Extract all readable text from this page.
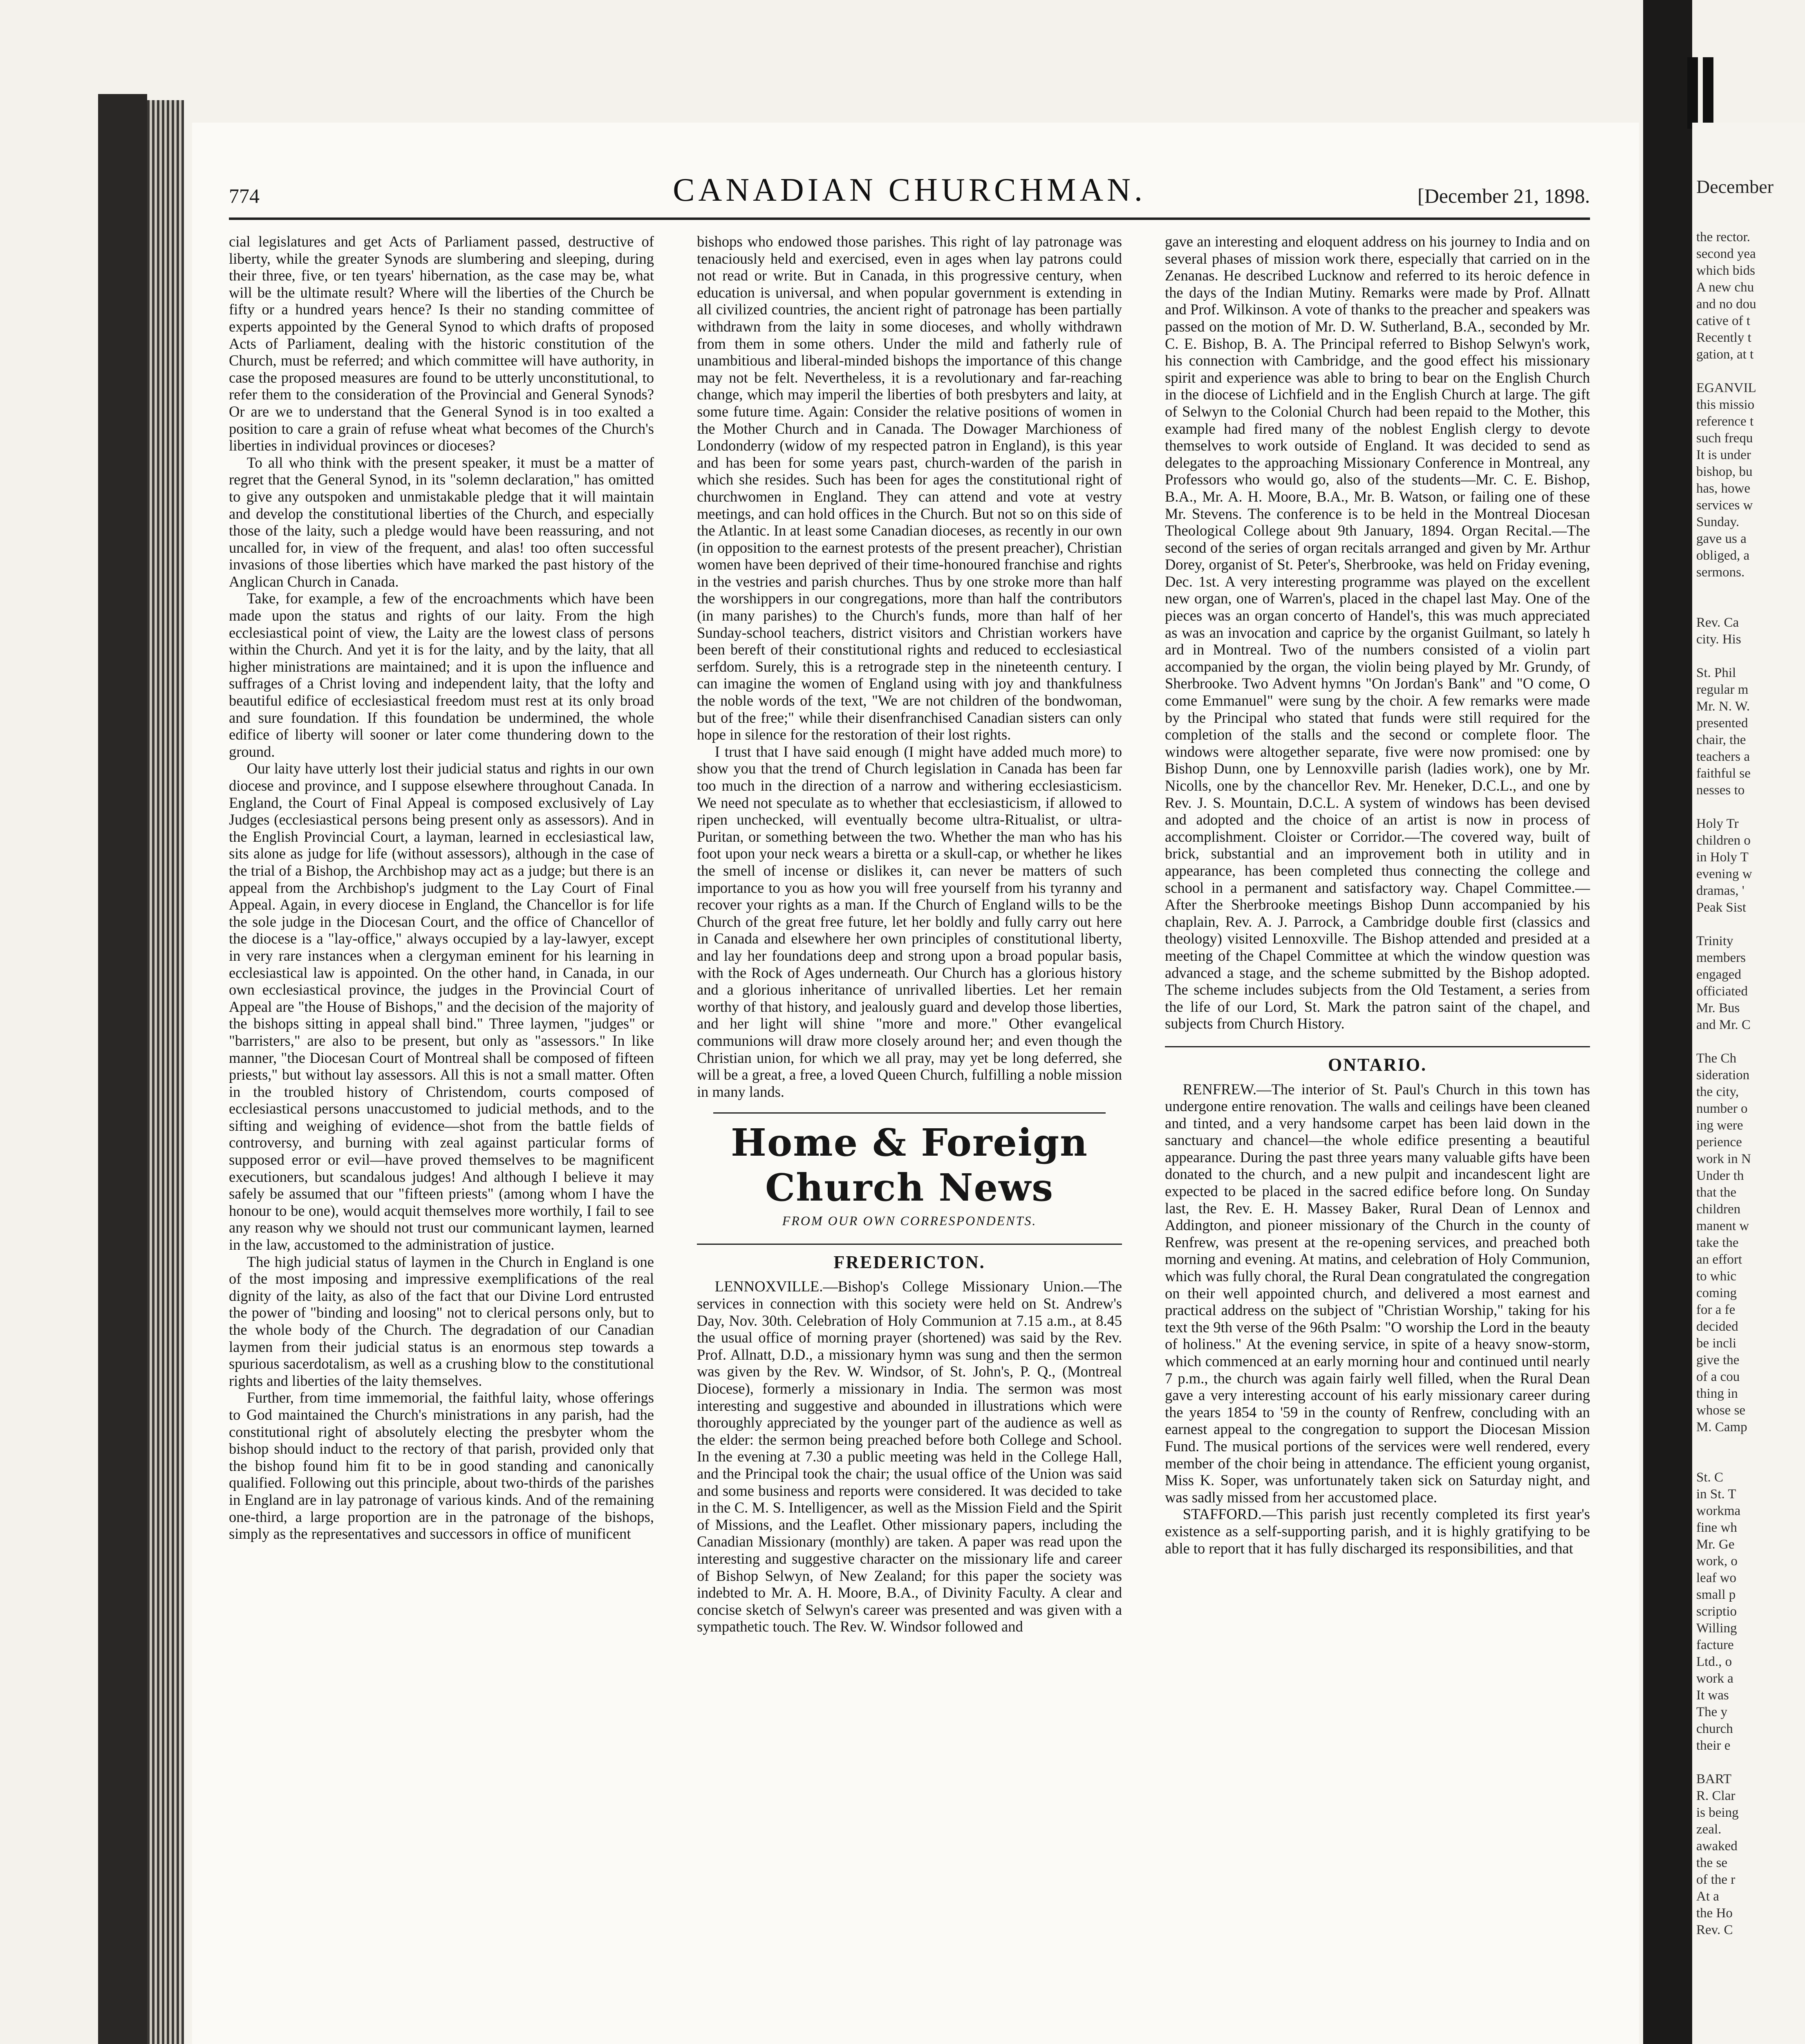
774	CANADIAN CHURCHMAN.	[December 21, 1898.

cial legislatures and get Acts of Parliament passed, destructive of liberty, while the greater Synods are slumbering and sleeping, during their three, five, or ten tyears' hibernation, as the case may be, what will be the ultimate result? Where will the liberties of the Church be fifty or a hundred years hence? Is their no standing committee of experts appointed by the General Synod to which drafts of proposed Acts of Parliament, dealing with the historic constitution of the Church, must be referred; and which committee will have authority, in case the proposed measures are found to be utterly unconstitutional, to refer them to the consideration of the Provincial and General Synods? Or are we to understand that the General Synod is in too exalted a position to care a grain of refuse wheat what becomes of the Church's liberties in individual provinces or dioceses?

To all who think with the present speaker, it must be a matter of regret that the General Synod, in its "solemn declaration," has omitted to give any outspoken and unmistakable pledge that it will maintain and develop the constitutional liberties of the Church, and especially those of the laity, such a pledge would have been reassuring, and not uncalled for, in view of the frequent, and alas! too often successful invasions of those liberties which have marked the past history of the Anglican Church in Canada.

Take, for example, a few of the encroachments which have been made upon the status and rights of our laity. From the high ecclesiastical point of view, the Laity are the lowest class of persons within the Church. And yet it is for the laity, and by the laity, that all higher ministrations are maintained; and it is upon the influence and suffrages of a Christ loving and independent laity, that the lofty and beautiful edifice of ecclesiastical freedom must rest at its only broad and sure foundation. If this foundation be undermined, the whole edifice of liberty will sooner or later come thundering down to the ground.

Our laity have utterly lost their judicial status and rights in our own diocese and province, and I suppose elsewhere throughout Canada. In England, the Court of Final Appeal is composed exclusively of Lay Judges (ecclesiastical persons being present only as assessors). And in the English Provincial Court, a layman, learned in ecclesiastical law, sits alone as judge for life (without assessors), although in the case of the trial of a Bishop, the Archbishop may act as a judge; but there is an appeal from the Archbishop's judgment to the Lay Court of Final Appeal. Again, in every diocese in England, the Chancellor is for life the sole judge in the Diocesan Court, and the office of Chancellor of the diocese is a "lay-office," always occupied by a lay-lawyer, except in very rare instances when a clergyman eminent for his learning in ecclesiastical law is appointed. On the other hand, in Canada, in our own ecclesiastical province, the judges in the Provincial Court of Appeal are "the House of Bishops," and the decision of the majority of the bishops sitting in appeal shall bind." Three laymen, "judges" or "barristers," are also to be present, but only as "assessors." In like manner, "the Diocesan Court of Montreal shall be composed of fifteen priests," but without lay assessors. All this is not a small matter. Often in the troubled history of Christendom, courts composed of ecclesiastical persons unaccustomed to judicial methods, and to the sifting and weighing of evidence—shot from the battle fields of controversy, and burning with zeal against particular forms of supposed error or evil—have proved themselves to be magnificent executioners, but scandalous judges! And although I believe it may safely be assumed that our "fifteen priests" (among whom I have the honour to be one), would acquit themselves more worthily, I fail to see any reason why we should not trust our communicant laymen, learned in the law, accustomed to the administration of justice.

The high judicial status of laymen in the Church in England is one of the most imposing and impressive exemplifications of the real dignity of the laity, as also of the fact that our Divine Lord entrusted the power of "binding and loosing" not to clerical persons only, but to the whole body of the Church. The degradation of our Canadian laymen from their judicial status is an enormous step towards a spurious sacerdotalism, as well as a crushing blow to the constitutional rights and liberties of the laity themselves.

Further, from time immemorial, the faithful laity, whose offerings to God maintained the Church's ministrations in any parish, had the constitutional right of absolutely electing the presbyter whom the bishop should induct to the rectory of that parish, provided only that the bishop found him fit to be in good standing and canonically qualified. Following out this principle, about two-thirds of the parishes in England are in lay patronage of various kinds. And of the remaining one-third, a large proportion are in the patronage of the bishops, simply as the representatives and successors in office of munificent

bishops who endowed those parishes. This right of lay patronage was tenaciously held and exercised, even in ages when lay patrons could not read or write. But in Canada, in this progressive century, when education is universal, and when popular government is extending in all civilized countries, the ancient right of patronage has been partially withdrawn from the laity in some dioceses, and wholly withdrawn from them in some others. Under the mild and fatherly rule of unambitious and liberal-minded bishops the importance of this change may not be felt. Nevertheless, it is a revolutionary and far-reaching change, which may imperil the liberties of both presbyters and laity, at some future time. Again: Consider the relative positions of women in the Mother Church and in Canada. The Dowager Marchioness of Londonderry (widow of my respected patron in England), is this year and has been for some years past, church-warden of the parish in which she resides. Such has been for ages the constitutional right of churchwomen in England. They can attend and vote at vestry meetings, and can hold offices in the Church. But not so on this side of the Atlantic. In at least some Canadian dioceses, as recently in our own (in opposition to the earnest protests of the present preacher), Christian women have been deprived of their time-honoured franchise and rights in the vestries and parish churches. Thus by one stroke more than half the worshippers in our congregations, more than half the contributors (in many parishes) to the Church's funds, more than half of her Sunday-school teachers, district visitors and Christian workers have been bereft of their constitutional rights and reduced to ecclesiastical serfdom. Surely, this is a retrograde step in the nineteenth century. I can imagine the women of England using with joy and thankfulness the noble words of the text, "We are not children of the bondwoman, but of the free;" while their disenfranchised Canadian sisters can only hope in silence for the restoration of their lost rights.

I trust that I have said enough (I might have added much more) to show you that the trend of Church legislation in Canada has been far too much in the direction of a narrow and withering ecclesiasticism. We need not speculate as to whether that ecclesiasticism, if allowed to ripen unchecked, will eventually become ultra-Ritualist, or ultra-Puritan, or something between the two. Whether the man who has his foot upon your neck wears a biretta or a skull-cap, or whether he likes the smell of incense or dislikes it, can never be matters of such importance to you as how you will free yourself from his tyranny and recover your rights as a man. If the Church of England wills to be the Church of the great free future, let her boldly and fully carry out here in Canada and elsewhere her own principles of constitutional liberty, and lay her foundations deep and strong upon a broad popular basis, with the Rock of Ages underneath. Our Church has a glorious history and a glorious inheritance of unrivalled liberties. Let her remain worthy of that history, and jealously guard and develop those liberties, and her light will shine "more and more." Other evangelical communions will draw more closely around her; and even though the Christian union, for which we all pray, may yet be long deferred, she will be a great, a free, a loved Queen Church, fulfilling a noble mission in many lands.

Home & Foreign Church News
FROM OUR OWN CORRESPONDENTS.
FREDERICTON.

LENNOXVILLE.—Bishop's College Missionary Union.—The services in connection with this society were held on St. Andrew's Day, Nov. 30th. Celebration of Holy Communion at 7.15 a.m., at 8.45 the usual office of morning prayer (shortened) was said by the Rev. Prof. Allnatt, D.D., a missionary hymn was sung and then the sermon was given by the Rev. W. Windsor, of St. John's, P. Q., (Montreal Diocese), formerly a missionary in India. The sermon was most interesting and suggestive and abounded in illustrations which were thoroughly appreciated by the younger part of the audience as well as the elder: the sermon being preached before both College and School. In the evening at 7.30 a public meeting was held in the College Hall, and the Principal took the chair; the usual office of the Union was said and some business and reports were considered. It was decided to take in the C. M. S. Intelligencer, as well as the Mission Field and the Spirit of Missions, and the Leaflet. Other missionary papers, including the Canadian Missionary (monthly) are taken. A paper was read upon the interesting and suggestive character on the missionary life and career of Bishop Selwyn, of New Zealand; for this paper the society was indebted to Mr. A. H. Moore, B.A., of Divinity Faculty. A clear and concise sketch of Selwyn's career was presented and was given with a sympathetic touch. The Rev. W. Windsor followed and

gave an interesting and eloquent address on his journey to India and on several phases of mission work there, especially that carried on in the Zenanas. He described Lucknow and referred to its heroic defence in the days of the Indian Mutiny. Remarks were made by Prof. Allnatt and Prof. Wilkinson. A vote of thanks to the preacher and speakers was passed on the motion of Mr. D. W. Sutherland, B.A., seconded by Mr. C. E. Bishop, B. A. The Principal referred to Bishop Selwyn's work, his connection with Cambridge, and the good effect his missionary spirit and experience was able to bring to bear on the English Church in the diocese of Lichfield and in the English Church at large. The gift of Selwyn to the Colonial Church had been repaid to the Mother, this example had fired many of the noblest English clergy to devote themselves to work outside of England. It was decided to send as delegates to the approaching Missionary Conference in Montreal, any Professors who would go, also of the students—Mr. C. E. Bishop, B.A., Mr. A. H. Moore, B.A., Mr. B. Watson, or failing one of these Mr. Stevens. The conference is to be held in the Montreal Diocesan Theological College about 9th January, 1894. Organ Recital.—The second of the series of organ recitals arranged and given by Mr. Arthur Dorey, organist of St. Peter's, Sherbrooke, was held on Friday evening, Dec. 1st. A very interesting programme was played on the excellent new organ, one of Warren's, placed in the chapel last May. One of the pieces was an organ concerto of Handel's, this was much appreciated as was an invocation and caprice by the organist Guilmant, so lately h ard in Montreal. Two of the numbers consisted of a violin part accompanied by the organ, the violin being played by Mr. Grundy, of Sherbrooke. Two Advent hymns "On Jordan's Bank" and "O come, O come Emmanuel" were sung by the choir. A few remarks were made by the Principal who stated that funds were still required for the completion of the stalls and the second or complete floor. The windows were altogether separate, five were now promised: one by Bishop Dunn, one by Lennoxville parish (ladies work), one by Mr. Nicolls, one by the chancellor Rev. Mr. Heneker, D.C.L., and one by Rev. J. S. Mountain, D.C.L. A system of windows has been devised and adopted and the choice of an artist is now in process of accomplishment. Cloister or Corridor.—The covered way, built of brick, substantial and an improvement both in utility and in appearance, has been completed thus connecting the college and school in a permanent and satisfactory way. Chapel Committee.—After the Sherbrooke meetings Bishop Dunn accompanied by his chaplain, Rev. A. J. Parrock, a Cambridge double first (classics and theology) visited Lennoxville. The Bishop attended and presided at a meeting of the Chapel Committee at which the window question was advanced a stage, and the scheme submitted by the Bishop adopted. The scheme includes subjects from the Old Testament, a series from the life of our Lord, St. Mark the patron saint of the chapel, and subjects from Church History.

ONTARIO.

RENFREW.—The interior of St. Paul's Church in this town has undergone entire renovation. The walls and ceilings have been cleaned and tinted, and a very handsome carpet has been laid down in the sanctuary and chancel—the whole edifice presenting a beautiful appearance. During the past three years many valuable gifts have been donated to the church, and a new pulpit and incandescent light are expected to be placed in the sacred edifice before long. On Sunday last, the Rev. E. H. Massey Baker, Rural Dean of Lennox and Addington, and pioneer missionary of the Church in the county of Renfrew, was present at the re-opening services, and preached both morning and evening. At matins, and celebration of Holy Communion, which was fully choral, the Rural Dean congratulated the congregation on their well appointed church, and delivered a most earnest and practical address on the subject of "Christian Worship," taking for his text the 9th verse of the 96th Psalm: "O worship the Lord in the beauty of holiness." At the evening service, in spite of a heavy snow-storm, which commenced at an early morning hour and continued until nearly 7 p.m., the church was again fairly well filled, when the Rural Dean gave a very interesting account of his early missionary career during the years 1854 to '59 in the county of Renfrew, concluding with an earnest appeal to the congregation to support the Diocesan Mission Fund. The musical portions of the services were well rendered, every member of the choir being in attendance. The efficient young organist, Miss K. Soper, was unfortunately taken sick on Saturday night, and was sadly missed from her accustomed place.

STAFFORD.—This parish just recently completed its first year's existence as a self-supporting parish, and it is highly gratifying to be able to report that it has fully discharged its responsibilities, and that

December
the rector.
second yea
which bids
A new chu
and no dou
cative of t
Recently t
gation, at t

EGANVIL
this missio
reference t
such frequ
It is under
bishop, bu
has, howe
services w
Sunday.
gave us a
obliged, a
sermons.

Rev. Ca
city. His

St. Phil
regular m
Mr. N. W.
presented
chair, the
teachers a
faithful se
nesses to

Holy Tr
children o
in Holy T
evening w
dramas, '
Peak Sist

Trinity
members
engaged
officiated
Mr. Bus
and Mr. C

The Ch
sideration
the city,
number o
ing were
perience
work in N
Under th
that the
children
manent w
take the
an effort
to whic
coming
for a fe
decided
be incli
give the
of a cou
thing in
whose se
M. Camp

St. C
in St. T
workma
fine wh
Mr. Ge
work, o
leaf wo
small p
scriptio
Willing
facture
Ltd., o
work a
It was
The y
church
their e

BART
R. Clar
is being
zeal.
awaked
the se
of the r
At a
the Ho
Rev. C
